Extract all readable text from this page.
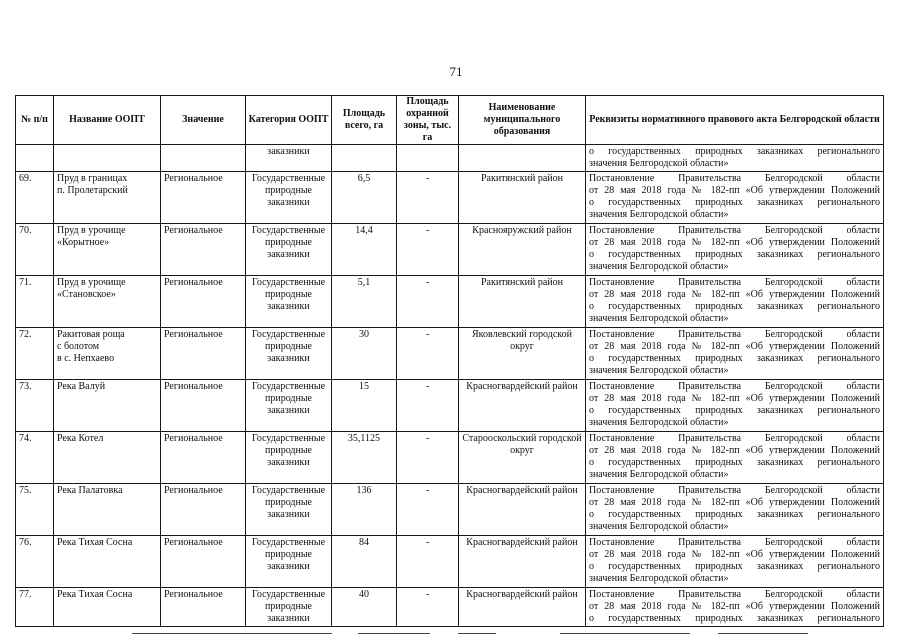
71
№ п/п	Название ООПТ	Значение	Категория ООПТ	Площадь всего, га	Площадь охранной зоны, тыс. га	Наименование муниципального образования	Реквизиты нормативного правового акта Белгородской области
			заказники				о государственных природных заказниках регионального
значения Белгородской области»

69.	Пруд в границах
п. Пролетарский	Региональное	Государственные природные заказники	6,5	-	Ракитянский район	Постановление Правительства Белгородской области
от 28 мая 2018 года № 182-пп «Об утверждении Положений
о государственных природных заказниках регионального
значения Белгородской области»

70.	Пруд в урочище
«Корытное»	Региональное	Государственные природные заказники	14,4	-	Краснояружский район	Постановление Правительства Белгородской области
от 28 мая 2018 года № 182-пп «Об утверждении Положений
о государственных природных заказниках регионального
значения Белгородской области»

71.	Пруд в урочище
«Становское»	Региональное	Государственные природные заказники	5,1	-	Ракитянский район	Постановление Правительства Белгородской области
от 28 мая 2018 года № 182-пп «Об утверждении Положений
о государственных природных заказниках регионального
значения Белгородской области»

72.	Ракитовая роща
с болотом
в с. Непхаево	Региональное	Государственные природные заказники	30	-	Яковлевский городской округ	Постановление Правительства Белгородской области
от 28 мая 2018 года № 182-пп «Об утверждении Положений
о государственных природных заказниках регионального
значения Белгородской области»

73.	Река Валуй	Региональное	Государственные природные заказники	15	-	Красногвардейский район	Постановление Правительства Белгородской области
от 28 мая 2018 года № 182-пп «Об утверждении Положений
о государственных природных заказниках регионального
значения Белгородской области»

74.	Река Котел	Региональное	Государственные природные заказники	35,1125	-	Старооскольский городской округ	Постановление Правительства Белгородской области
от 28 мая 2018 года № 182-пп «Об утверждении Положений
о государственных природных заказниках регионального
значения Белгородской области»

75.	Река Палатовка	Региональное	Государственные природные заказники	136	-	Красногвардейский район	Постановление Правительства Белгородской области
от 28 мая 2018 года № 182-пп «Об утверждении Положений
о государственных природных заказниках регионального
значения Белгородской области»

76.	Река Тихая Сосна	Региональное	Государственные природные заказники	84	-	Красногвардейский район	Постановление Правительства Белгородской области
от 28 мая 2018 года № 182-пп «Об утверждении Положений
о государственных природных заказниках регионального
значения Белгородской области»

77.	Река Тихая Сосна	Региональное	Государственные природные заказники	40	-	Красногвардейский район	Постановление Правительства Белгородской области
от 28 мая 2018 года № 182-пп «Об утверждении Положений
о государственных природных заказниках регионального
